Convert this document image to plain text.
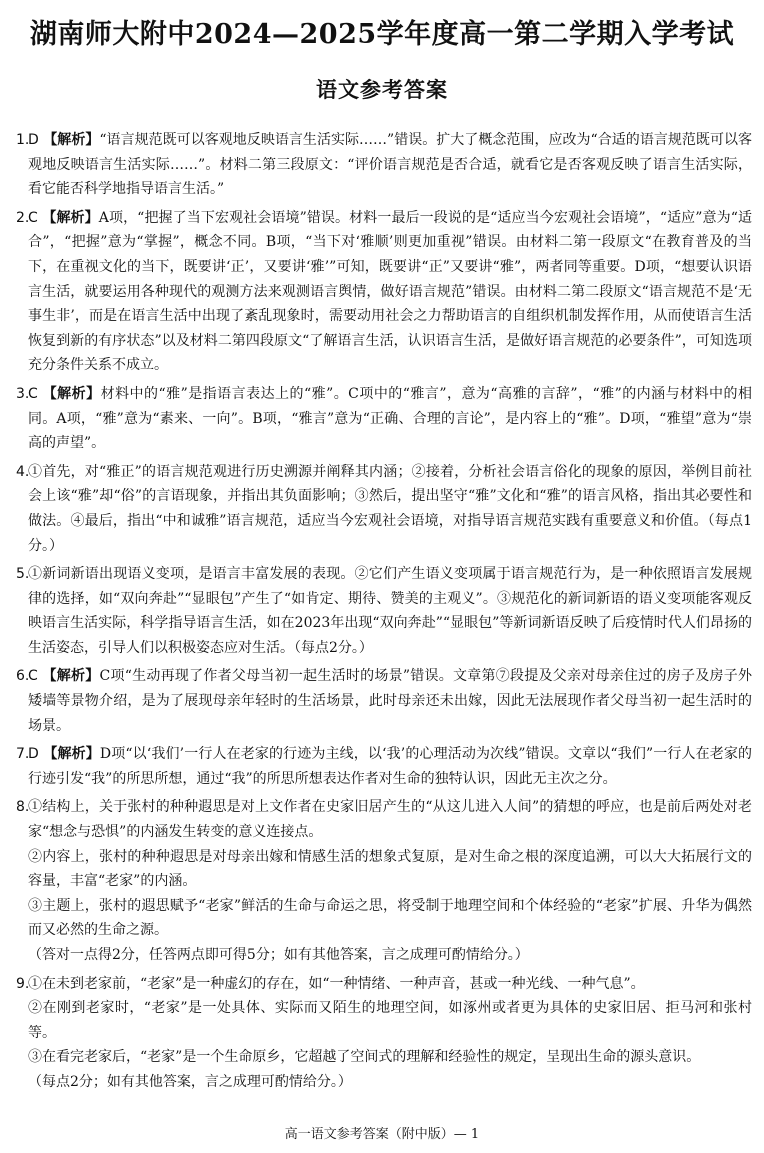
湖南师大附中2024—2025学年度高一第二学期入学考试
语文参考答案
1.
D 【解析】“语言规范既可以客观地反映语言生活实际……”错误。扩大了概念范围，应改为“合适的语言规范既可以客观地反映语言生活实际……”。材料二第三段原文：“评价语言规范是否合适，就看它是否客观反映了语言生活实际，看它能否科学地指导语言生活。”
2.
C 【解析】A项，“把握了当下宏观社会语境”错误。材料一最后一段说的是“适应当今宏观社会语境”，“适应”意为“适合”，“把握”意为“掌握”，概念不同。B项，“当下对‘雅顺’则更加重视”错误。由材料二第一段原文“在教育普及的当下，在重视文化的当下，既要讲‘正’，又要讲‘雅’”可知，既要讲“正”又要讲“雅”，两者同等重要。D项，“想要认识语言生活，就要运用各种现代的观测方法来观测语言舆情，做好语言规范”错误。由材料二第二段原文“语言规范不是‘无事生非’，而是在语言生活中出现了紊乱现象时，需要动用社会之力帮助语言的自组织机制发挥作用，从而使语言生活恢复到新的有序状态”以及材料二第四段原文“了解语言生活，认识语言生活，是做好语言规范的必要条件”，可知选项充分条件关系不成立。
3.
C 【解析】材料中的“雅”是指语言表达上的“雅”。C项中的“雅言”，意为“高雅的言辞”，“雅”的内涵与材料中的相同。A项，“雅”意为“素来、一向”。B项，“雅言”意为“正确、合理的言论”，是内容上的“雅”。D项，“雅望”意为“崇高的声望”。
4.
①首先，对“雅正”的语言规范观进行历史溯源并阐释其内涵；②接着，分析社会语言俗化的现象的原因，举例目前社会上该“雅”却“俗”的言语现象，并指出其负面影响；③然后，提出坚守“雅”文化和“雅”的语言风格，指出其必要性和做法。④最后，指出“中和诚雅”语言规范，适应当今宏观社会语境，对指导语言规范实践有重要意义和价值。（每点1分。）
5.
①新词新语出现语义变项，是语言丰富发展的表现。②它们产生语义变项属于语言规范行为，是一种依照语言发展规律的选择，如“双向奔赴”“显眼包”产生了“如肯定、期待、赞美的主观义”。③规范化的新词新语的语义变项能客观反映语言生活实际，科学指导语言生活，如在2023年出现“双向奔赴”“显眼包”等新词新语反映了后疫情时代人们昂扬的生活姿态，引导人们以积极姿态应对生活。（每点2分。）
6.
C 【解析】C项“生动再现了作者父母当初一起生活时的场景”错误。文章第⑦段提及父亲对母亲住过的房子及房子外矮墙等景物介绍，是为了展现母亲年轻时的生活场景，此时母亲还未出嫁，因此无法展现作者父母当初一起生活时的场景。
7.
D 【解析】D项“以‘我们’一行人在老家的行迹为主线，以‘我’的心理活动为次线”错误。文章以“我们”一行人在老家的行迹引发“我”的所思所想，通过“我”的所思所想表达作者对生命的独特认识，因此无主次之分。
8.
①结构上，关于张村的种种遐思是对上文作者在史家旧居产生的“从这儿进入人间”的猜想的呼应，也是前后两处对老家“想念与恐惧”的内涵发生转变的意义连接点。
②内容上，张村的种种遐思是对母亲出嫁和情感生活的想象式复原，是对生命之根的深度追溯，可以大大拓展行文的容量，丰富“老家”的内涵。
③主题上，张村的遐思赋予“老家”鲜活的生命与命运之思，将受制于地理空间和个体经验的“老家”扩展、升华为偶然而又必然的生命之源。
（答对一点得2分，任答两点即可得5分；如有其他答案，言之成理可酌情给分。）
9.
①在未到老家前，“老家”是一种虚幻的存在，如“一种情绪、一种声音，甚或一种光线、一种气息”。
②在刚到老家时，“老家”是一处具体、实际而又陌生的地理空间，如涿州或者更为具体的史家旧居、拒马河和张村等。
③在看完老家后，“老家”是一个生命原乡，它超越了空间式的理解和经验性的规定，呈现出生命的源头意识。
（每点2分；如有其他答案，言之成理可酌情给分。）
高一语文参考答案（附中版）— 1
